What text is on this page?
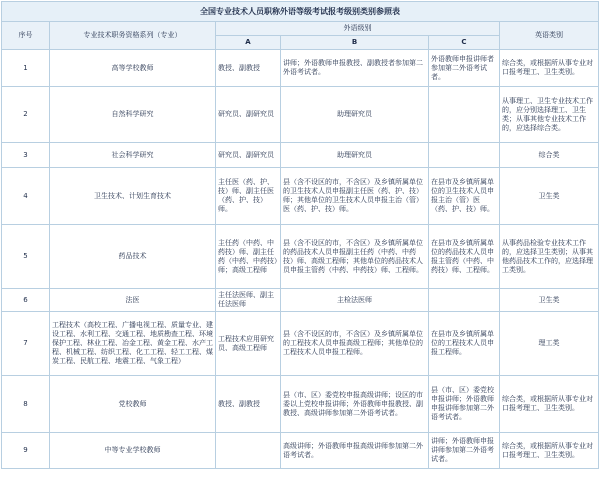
全国专业技术人员职称外语等级考试报考级别类别参照表					
序号	专业技术职务资格系列（专业）	外语级别			英语类别
		A	B	C	
1	高等学校教师	教授、副教授	讲师；外语教师申报教授、副教授者参加第二外语考试者。	外语教师申报讲师者参加第二外语考试者。	综合类，或根据所从事专业对口报考理工、卫生类别。
2	自然科学研究	研究员、副研究员	助理研究员		从事理工、卫生专业技术工作的，应分别选择理工、卫生类；从事其他专业技术工作的，应选择综合类。
3	社会科学研究	研究员、副研究员	助理研究员		综合类
4	卫生技术、计划生育技术	主任医（药、护、技）师、副主任医（药、护、技）师。	县（含不设区的市，不含区）及乡镇所属单位的卫生技术人员申报副主任医（药、护、技）师；其他单位的卫生技术人员申报主治（管）医（药、护、技）师。	在县市及乡镇所属单位的卫生技术人员申报主治（管）医（药、护、技）师。	卫生类
5	药品技术	主任药（中药、中药技）师、副主任药（中药、中药技）师；高级工程师	县（含不设区的市，不含区）及乡镇所属单位的药品技术人员申报副主任药（中药、中药技）师、高级工程师；其他单位的药品技术人员申报主管药（中药、中药技）师、工程师。	在县市及乡镇所属单位的药品技术人员申报主管药（中药、中药技）师、工程师。	从事药品检验专业技术工作的，应选择卫生类别；从事其他药品技术工作的，应选择理工类别。
6	法医	主任法医师、副主任法医师	主检法医师		卫生类
7	工程技术（高校工程、广播电视工程、质量专业、建设工程、水利工程、交通工程、地质勘查工程、环境保护工程、林业工程、冶金工程、黄金工程、水产工程、机械工程、纺织工程、化工工程、轻工工程、煤炭工程、民航工程、地震工程、气象工程）	工程技术应用研究员、高级工程师	县（含不设区的市，不含区）及乡镇所属单位的工程技术人员申报高级工程师；其他单位的工程技术人员申报工程师。	在县市及乡镇所属单位的工程技术人员申报工程师。	理工类
8	党校教师	教授、副教授	县（市、区）委党校申报高级讲师；设区的市委以上党校申报讲师；外语教师申报教授、副教授、高级讲师参加第二外语考试者。	县（市、区）委党校申报讲师；外语教师申报讲师参加第二外语考试者。	综合类，或根据所从事专业对口报考理工、卫生类别。
9	中等专业学校教师		高级讲师；外语教师申报高级讲师参加第二外语考试者。	讲师；外语教师申报讲师参加第二外语考试者。	综合类，或根据所从事专业对口报考理工、卫生类别。
